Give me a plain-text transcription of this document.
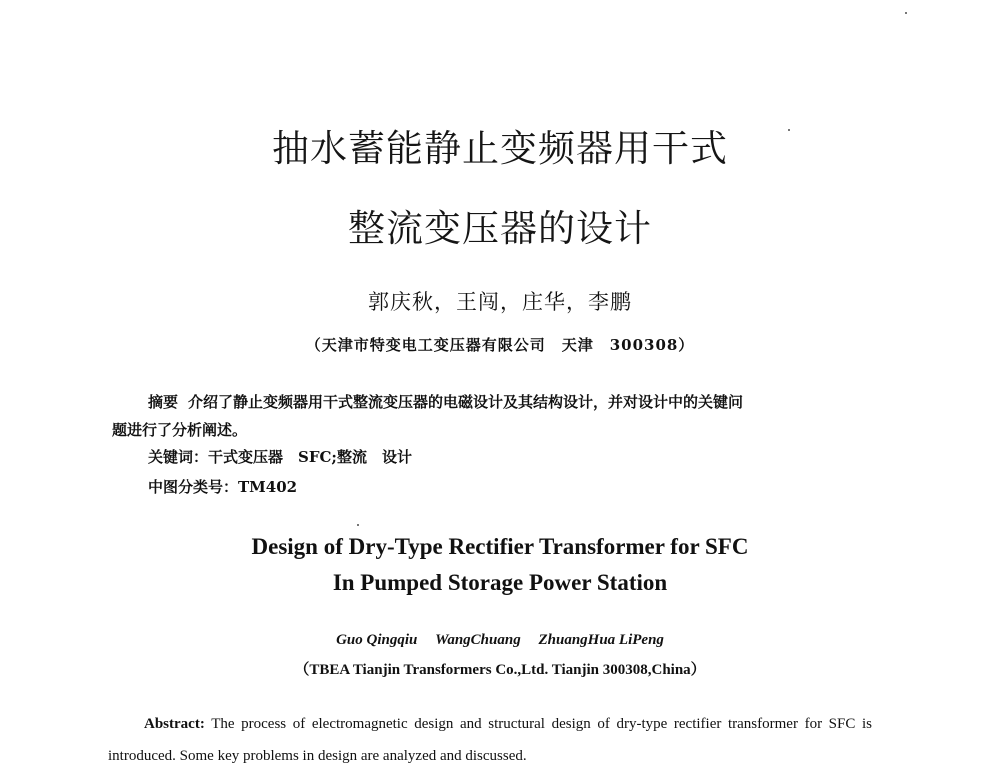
抽水蓄能静止变频器用干式
整流变压器的设计
郭庆秋，王闯，庄华，李鹏
（天津市特变电工变压器有限公司　天津　300308）
摘要 介绍了静止变频器用干式整流变压器的电磁设计及其结构设计，并对设计中的关键问
题进行了分析阐述。
关键词：干式变压器　SFC;整流　设计
中图分类号：TM402
Design of Dry-Type Rectifier Transformer for SFC
In Pumped Storage Power Station
Guo Qingqiu WangChuang ZhuangHua LiPeng
（TBEA Tianjin Transformers Co.,Ltd. Tianjin 300308,China）
Abstract: The process of electromagnetic design and structural design of dry-type rectifier transformer for SFC is introduced. Some key problems in design are analyzed and discussed.
